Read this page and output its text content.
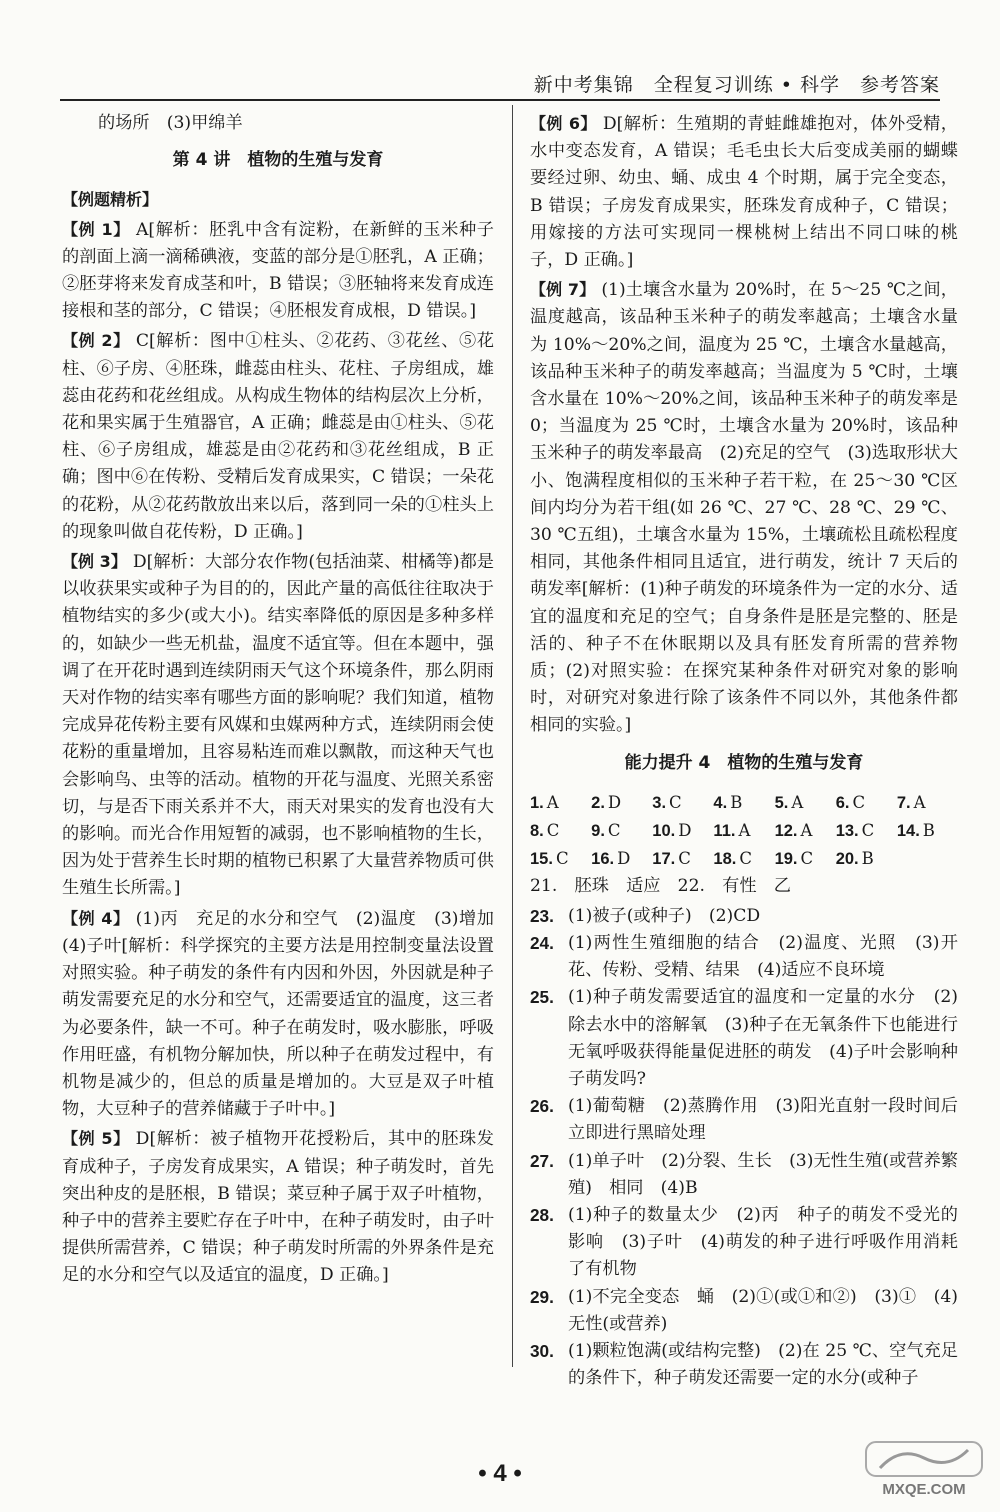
新中考集锦　全程复习训练 • 科学　参考答案

的场所　(3)甲绵羊

第 4 讲　植物的生殖与发育
【例题精析】

【例 1】 A[解析：胚乳中含有淀粉，在新鲜的玉米种子的剖面上滴一滴稀碘液，变蓝的部分是①胚乳，A 正确；②胚芽将来发育成茎和叶，B 错误；③胚轴将来发育成连接根和茎的部分，C 错误；④胚根发育成根，D 错误。]

【例 2】 C[解析：图中①柱头、②花药、③花丝、⑤花柱、⑥子房、④胚珠，雌蕊由柱头、花柱、子房组成，雄蕊由花药和花丝组成。从构成生物体的结构层次上分析，花和果实属于生殖器官，A 正确；雌蕊是由①柱头、⑤花柱、⑥子房组成，雄蕊是由②花药和③花丝组成，B 正确；图中⑥在传粉、受精后发育成果实，C 错误；一朵花的花粉，从②花药散放出来以后，落到同一朵的①柱头上的现象叫做自花传粉，D 正确。]

【例 3】 D[解析：大部分农作物(包括油菜、柑橘等)都是以收获果实或种子为目的的，因此产量的高低往往取决于植物结实的多少(或大小)。结实率降低的原因是多种多样的，如缺少一些无机盐，温度不适宜等。但在本题中，强调了在开花时遇到连续阴雨天气这个环境条件，那么阴雨天对作物的结实率有哪些方面的影响呢？我们知道，植物完成异花传粉主要有风媒和虫媒两种方式，连续阴雨会使花粉的重量增加，且容易粘连而难以飘散，而这种天气也会影响鸟、虫等的活动。植物的开花与温度、光照关系密切，与是否下雨关系并不大，雨天对果实的发育也没有大的影响。而光合作用短暂的减弱，也不影响植物的生长，因为处于营养生长时期的植物已积累了大量营养物质可供生殖生长所需。]

【例 4】 (1)丙　充足的水分和空气　(2)温度　(3)增加　(4)子叶[解析：科学探究的主要方法是用控制变量法设置对照实验。种子萌发的条件有内因和外因，外因就是种子萌发需要充足的水分和空气，还需要适宜的温度，这三者为必要条件，缺一不可。种子在萌发时，吸水膨胀，呼吸作用旺盛，有机物分解加快，所以种子在萌发过程中，有机物是减少的，但总的质量是增加的。大豆是双子叶植物，大豆种子的营养储藏于子叶中。]

【例 5】 D[解析：被子植物开花授粉后，其中的胚珠发育成种子，子房发育成果实，A 错误；种子萌发时，首先突出种皮的是胚根，B 错误；菜豆种子属于双子叶植物，种子中的营养主要贮存在子叶中，在种子萌发时，由子叶提供所需营养，C 错误；种子萌发时所需的外界条件是充足的水分和空气以及适宜的温度，D 正确。]

【例 6】 D[解析：生殖期的青蛙雌雄抱对，体外受精，水中变态发育，A 错误；毛毛虫长大后变成美丽的蝴蝶要经过卵、幼虫、蛹、成虫 4 个时期，属于完全变态，B 错误；子房发育成果实，胚珠发育成种子，C 错误；用嫁接的方法可实现同一棵桃树上结出不同口味的桃子，D 正确。]

【例 7】 (1)土壤含水量为 20%时，在 5～25 ℃之间，温度越高，该品种玉米种子的萌发率越高；土壤含水量为 10%～20%之间，温度为 25 ℃，土壤含水量越高，该品种玉米种子的萌发率越高；当温度为 5 ℃时，土壤含水量在 10%～20%之间，该品种玉米种子的萌发率是 0；当温度为 25 ℃时，土壤含水量为 20%时，该品种玉米种子的萌发率最高　(2)充足的空气　(3)选取形状大小、饱满程度相似的玉米种子若干粒，在 25～30 ℃区间内均分为若干组(如 26 ℃、27 ℃、28 ℃、29 ℃、30 ℃五组)，土壤含水量为 15%，土壤疏松且疏松程度相同，其他条件相同且适宜，进行萌发，统计 7 天后的萌发率[解析：(1)种子萌发的环境条件为一定的水分、适宜的温度和充足的空气；自身条件是胚是完整的、胚是活的、种子不在休眠期以及具有胚发育所需的营养物质；(2)对照实验：在探究某种条件对研究对象的影响时，对研究对象进行除了该条件不同以外，其他条件都相同的实验。]

能力提升 4　植物的生殖与发育
1. A	2. D	3. C	4. B	5. A	6. C	7. A
8. C	9. C	10. D	11. A	12. A	13. C	14. B
15. C	16. D	17. C	18. C	19. C	20. B

21.　胚珠　适应　22.　有性　乙

23. (1)被子(或种子)　(2)CD
24. (1)两性生殖细胞的结合　(2)温度、光照　(3)开花、传粉、受精、结果　(4)适应不良环境
25. (1)种子萌发需要适宜的温度和一定量的水分　(2)除去水中的溶解氧　(3)种子在无氧条件下也能进行无氧呼吸获得能量促进胚的萌发　(4)子叶会影响种子萌发吗?
26. (1)葡萄糖　(2)蒸腾作用　(3)阳光直射一段时间后立即进行黑暗处理
27. (1)单子叶　(2)分裂、生长　(3)无性生殖(或营养繁殖)　相同　(4)B
28. (1)种子的数量太少　(2)丙　种子的萌发不受光的影响　(3)子叶　(4)萌发的种子进行呼吸作用消耗了有机物
29. (1)不完全变态　蛹　(2)①(或①和②)　(3)①　(4)无性(或营养)
30. (1)颗粒饱满(或结构完整)　(2)在 25 ℃、空气充足的条件下，种子萌发还需要一定的水分(或种子
• 4 •
MXQE.COM
